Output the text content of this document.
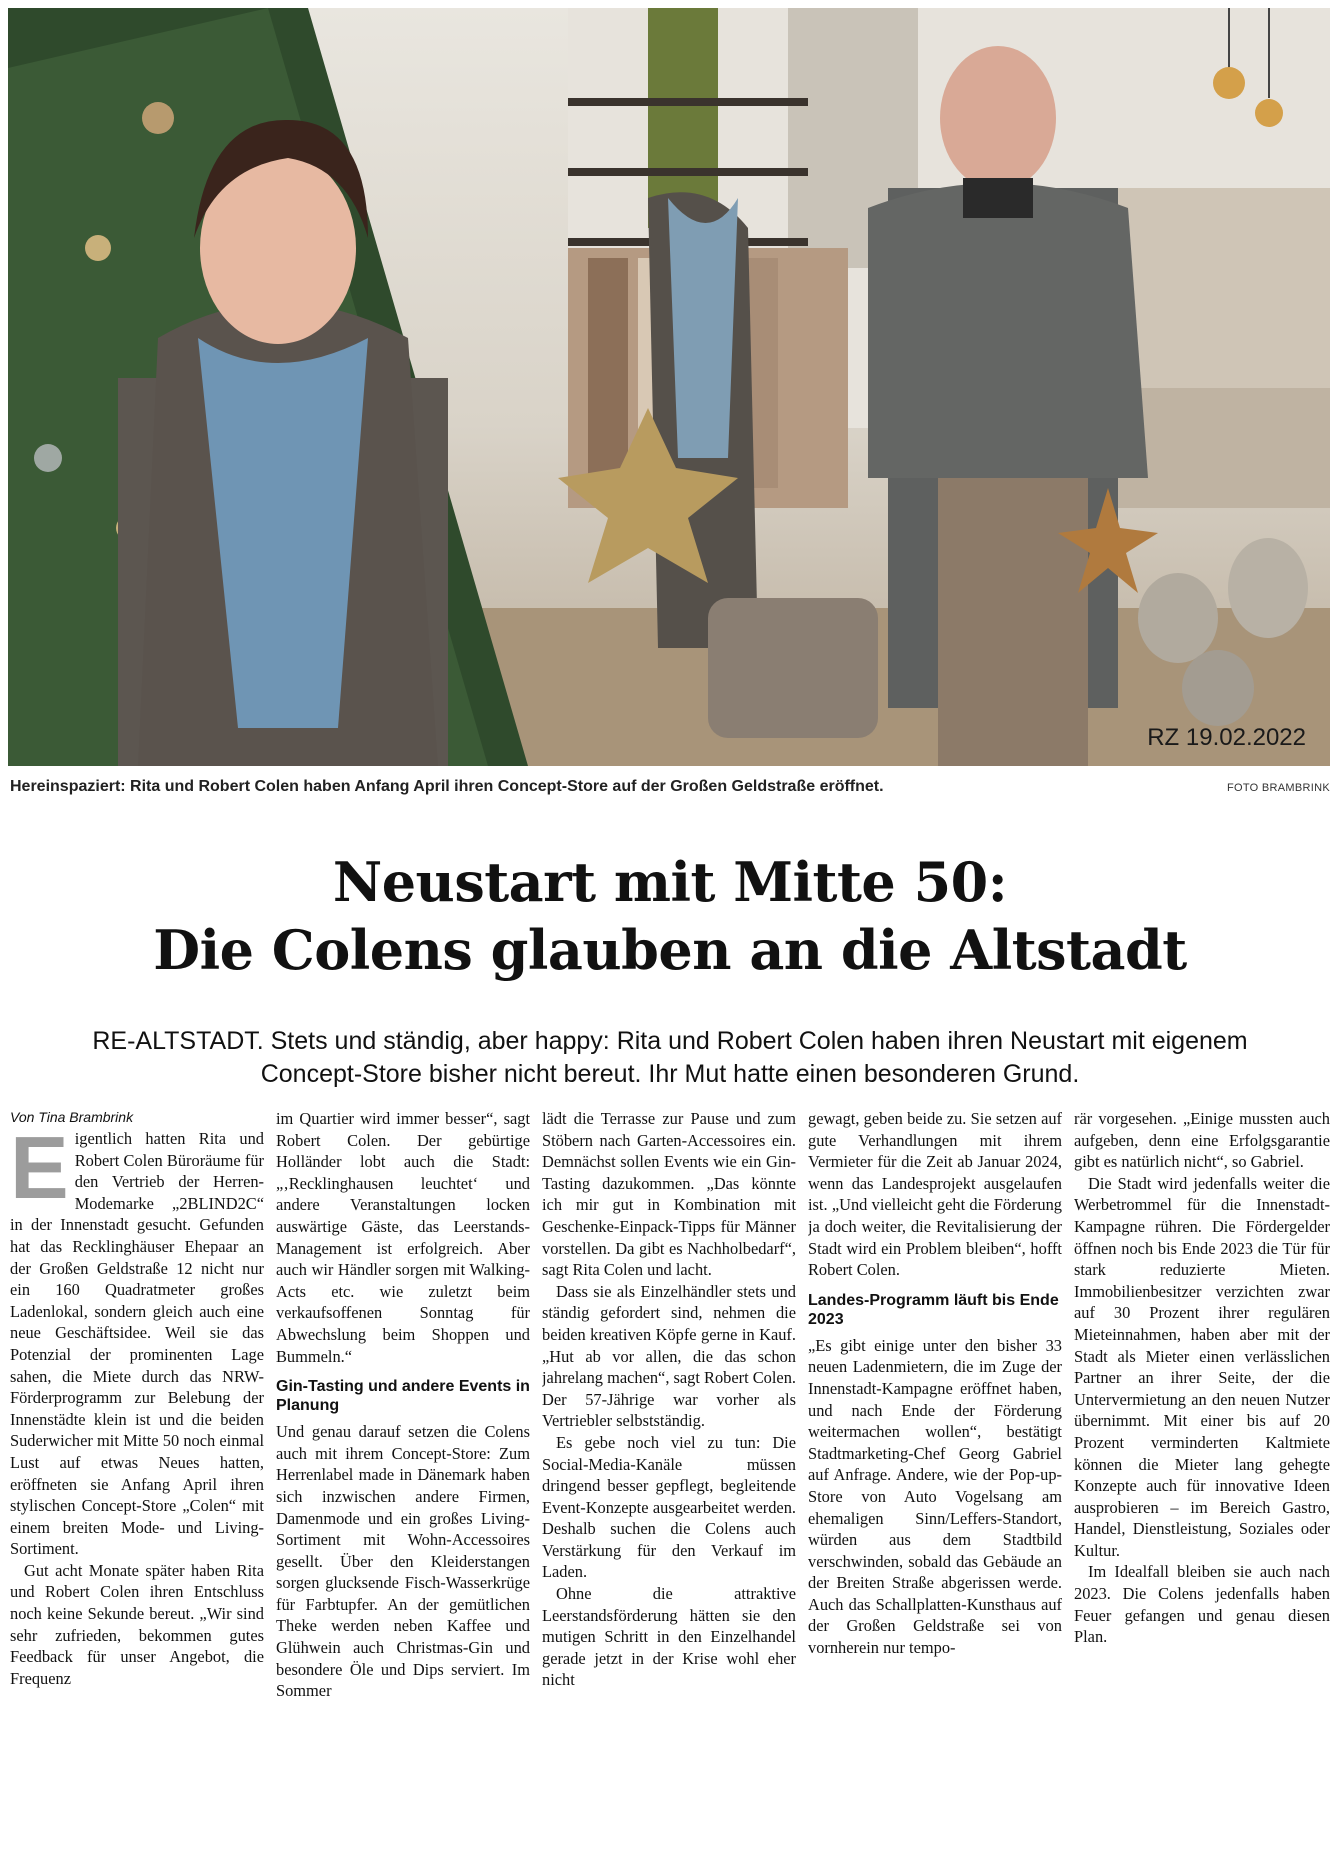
RZ 19.02.2022
Hereinspaziert: Rita und Robert Colen haben Anfang April ihren Concept-Store auf der Großen Geldstraße eröffnet.	FOTO BRAMBRINK
Neustart mit Mitte 50:
Die Colens glauben an die Altstadt
RE-ALTSTADT. Stets und ständig, aber happy: Rita und Robert Colen haben ihren Neustart mit eigenem Concept-Store bisher nicht bereut. Ihr Mut hatte einen besonderen Grund.
Von Tina Brambrink
E igentlich hatten Rita und Robert Colen Büroräume für den Vertrieb der Herren-Modemarke „2BLIND2C“ in der Innenstadt gesucht. Gefunden hat das Recklinghäuser Ehepaar an der Großen Geldstraße 12 nicht nur ein 160 Quadratmeter großes Ladenlokal, sondern gleich auch eine neue Geschäftsidee. Weil sie das Potenzial der prominenten Lage sahen, die Miete durch das NRW-Förderprogramm zur Belebung der Innenstädte klein ist und die beiden Suderwicher mit Mitte 50 noch einmal Lust auf etwas Neues hatten, eröffneten sie Anfang April ihren stylischen Concept-Store „Colen“ mit einem breiten Mode- und Living-Sortiment.

Gut acht Monate später haben Rita und Robert Colen ihren Entschluss noch keine Sekunde bereut. „Wir sind sehr zufrieden, bekommen gutes Feedback für unser Angebot, die Frequenz

im Quartier wird immer besser“, sagt Robert Colen. Der gebürtige Holländer lobt auch die Stadt: „‚Recklinghausen leuchtet‘ und andere Veranstaltungen locken auswärtige Gäste, das Leerstands-Management ist erfolgreich. Aber auch wir Händler sorgen mit Walking-Acts etc. wie zuletzt beim verkaufsoffenen Sonntag für Abwechslung beim Shoppen und Bummeln.“

Gin-Tasting und andere Events in Planung

Und genau darauf setzen die Colens auch mit ihrem Concept-Store: Zum Herrenlabel made in Dänemark haben sich inzwischen andere Firmen, Damenmode und ein großes Living-Sortiment mit Wohn-Accessoires gesellt. Über den Kleiderstangen sorgen glucksende Fisch-Wasserkrüge für Farbtupfer. An der gemütlichen Theke werden neben Kaffee und Glühwein auch Christmas-Gin und besondere Öle und Dips serviert. Im Sommer

lädt die Terrasse zur Pause und zum Stöbern nach Garten-Accessoires ein. Demnächst sollen Events wie ein Gin-Tasting dazukommen. „Das könnte ich mir gut in Kombination mit Geschenke-Einpack-Tipps für Männer vorstellen. Da gibt es Nachholbedarf“, sagt Rita Colen und lacht.

Dass sie als Einzelhändler stets und ständig gefordert sind, nehmen die beiden kreativen Köpfe gerne in Kauf. „Hut ab vor allen, die das schon jahrelang machen“, sagt Robert Colen. Der 57-Jährige war vorher als Vertriebler selbstständig.

Es gebe noch viel zu tun: Die Social-Media-Kanäle müssen dringend besser gepflegt, begleitende Event-Konzepte ausgearbeitet werden. Deshalb suchen die Colens auch Verstärkung für den Verkauf im Laden.

Ohne die attraktive Leerstandsförderung hätten sie den mutigen Schritt in den Einzelhandel gerade jetzt in der Krise wohl eher nicht

gewagt, geben beide zu. Sie setzen auf gute Verhandlungen mit ihrem Vermieter für die Zeit ab Januar 2024, wenn das Landesprojekt ausgelaufen ist. „Und vielleicht geht die Förderung ja doch weiter, die Revitalisierung der Stadt wird ein Problem bleiben“, hofft Robert Colen.

Landes-Programm läuft bis Ende 2023

„Es gibt einige unter den bisher 33 neuen Ladenmietern, die im Zuge der Innenstadt-Kampagne eröffnet haben, und nach Ende der Förderung weitermachen wollen“, bestätigt Stadtmarketing-Chef Georg Gabriel auf Anfrage. Andere, wie der Pop-up-Store von Auto Vogelsang am ehemaligen Sinn/Leffers-Standort, würden aus dem Stadtbild verschwinden, sobald das Gebäude an der Breiten Straße abgerissen werde. Auch das Schallplatten-Kunsthaus auf der Großen Geldstraße sei von vornherein nur tempo-

rär vorgesehen. „Einige mussten auch aufgeben, denn eine Erfolgsgarantie gibt es natürlich nicht“, so Gabriel.

Die Stadt wird jedenfalls weiter die Werbetrommel für die Innenstadt-Kampagne rühren. Die Fördergelder öffnen noch bis Ende 2023 die Tür für stark reduzierte Mieten. Immobilienbesitzer verzichten zwar auf 30 Prozent ihrer regulären Mieteinnahmen, haben aber mit der Stadt als Mieter einen verlässlichen Partner an ihrer Seite, der die Untervermietung an den neuen Nutzer übernimmt. Mit einer bis auf 20 Prozent verminderten Kaltmiete können die Mieter lang gehegte Konzepte auch für innovative Ideen ausprobieren – im Bereich Gastro, Handel, Dienstleistung, Soziales oder Kultur.

Im Idealfall bleiben sie auch nach 2023. Die Colens jedenfalls haben Feuer gefangen und genau diesen Plan.
